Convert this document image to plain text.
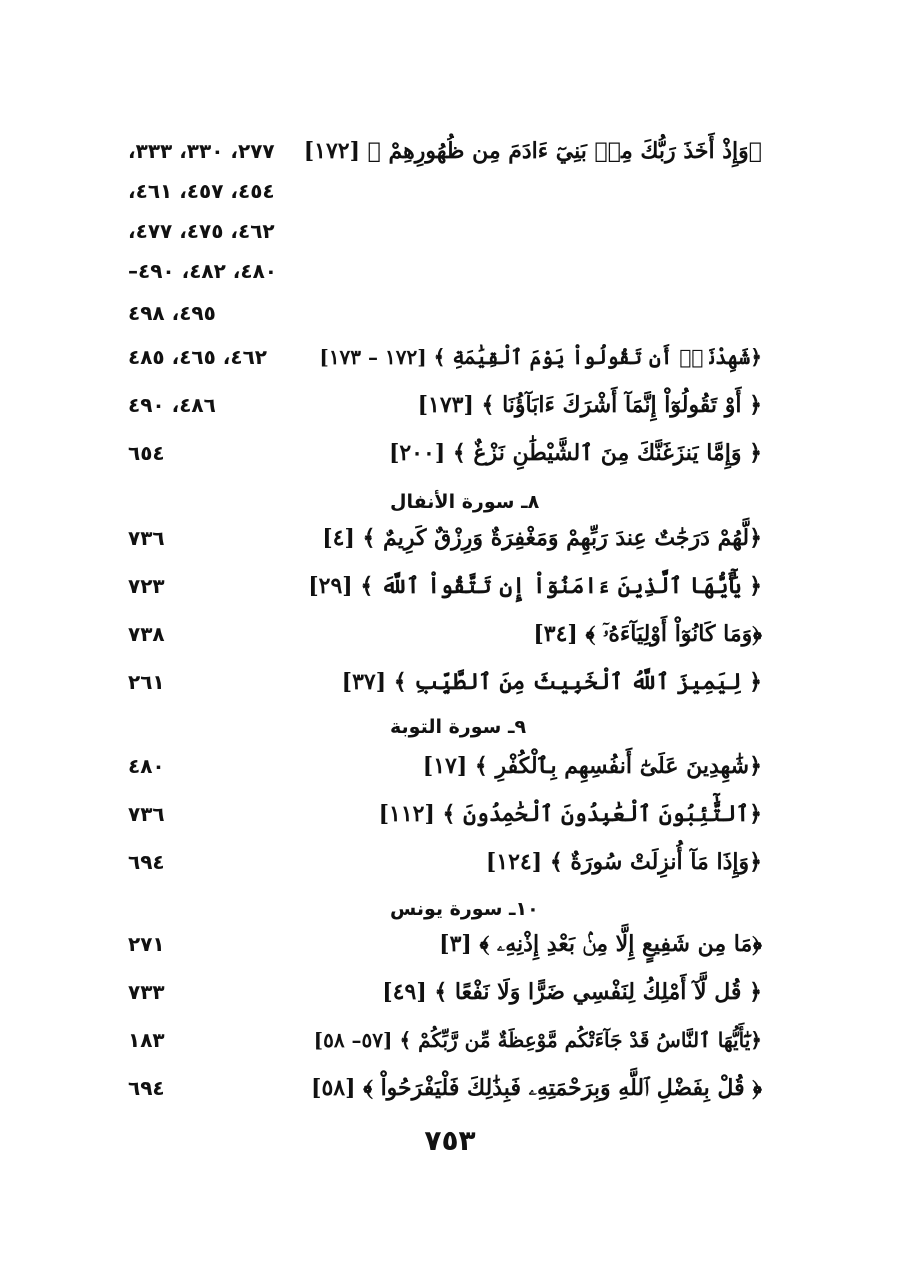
﴿وَإِذْ أَخَذَ رَبُّكَ مِنۢ بَنِيٓ ءَادَمَ مِن ظُهُورِهِمْ ﴾ [١٧٢]
٢٧٧، ٣٣٠، ٣٣٣،
٤٥٤، ٤٥٧، ٤٦١،
٤٦٢، ٤٧٥، ٤٧٧،
٤٨٠، ٤٨٢، ٤٩٠–
٤٩٥، ٤٩٨
﴿شَهِدْنَآۚ أَن تَقُولُواْ يَوْمَ ٱلْقِيَٰمَةِ ﴾ [١٧٢ – ١٧٣]
٤٦٢، ٤٦٥، ٤٨٥
﴿ أَوْ تَقُولُوٓاْ إِنَّمَآ أَشْرَكَ ءَابَآؤُنَا ﴾ [١٧٣]
٤٨٦، ٤٩٠
﴿ وَإِمَّا يَنزَغَنَّكَ مِنَ ٱلشَّيْطَٰنِ نَزْغٌ ﴾ [٢٠٠]
٦٥٤
٨ـ سورة الأنفال
﴿لَّهُمْ دَرَجَٰتٌ عِندَ رَبِّهِمْ وَمَغْفِرَةٌ وَرِزْقٌ كَرِيمٌ ﴾ [٤]
٧٣٦
﴿ يَٰٓأَيُّهَا ٱلَّذِينَ ءَامَنُوٓاْ إِن تَتَّقُواْ ٱللَّهَ ﴾ [٢٩]
٧٢٣
﴿وَمَا كَانُوٓاْ أَوْلِيَآءَهُۥٓ ﴾ [٣٤]
٧٣٨
﴿ لِيَمِيزَ ٱللَّهُ ٱلْخَبِيثَ مِنَ ٱلطَّيِّبِ ﴾ [٣٧]
٢٦١
٩ـ سورة التوبة
﴿شَٰهِدِينَ عَلَىٰٓ أَنفُسِهِم بِٱلْكُفْرِ ﴾ [١٧]
٤٨٠
﴿ٱلتَّٰٓئِبُونَ ٱلْعَٰبِدُونَ ٱلْحَٰمِدُونَ ﴾ [١١٢]
٧٣٦
﴿وَإِذَا مَآ أُنزِلَتْ سُورَةٌ ﴾ [١٢٤]
٦٩٤
١٠ـ سورة يونس
﴿مَا مِن شَفِيعٍ إِلَّا مِنۢ بَعْدِ إِذْنِهِۦ ﴾ [٣]
٢٧١
﴿ قُل لَّآ أَمْلِكُ لِنَفْسِي ضَرًّا وَلَا نَفْعًا ﴾ [٤٩]
٧٣٣
﴿يَٰٓأَيُّهَا ٱلنَّاسُ قَدْ جَآءَتْكُم مَّوْعِظَةٌ مِّن رَّبِّكُمْ ﴾ [٥٧– ٥٨]
١٨٣
﴿ قُلْ بِفَضْلِ ٱللَّهِ وَبِرَحْمَتِهِۦ فَبِذَٰلِكَ فَلْيَفْرَحُواْ ﴾ [٥٨]
٦٩٤
٧٥٣
